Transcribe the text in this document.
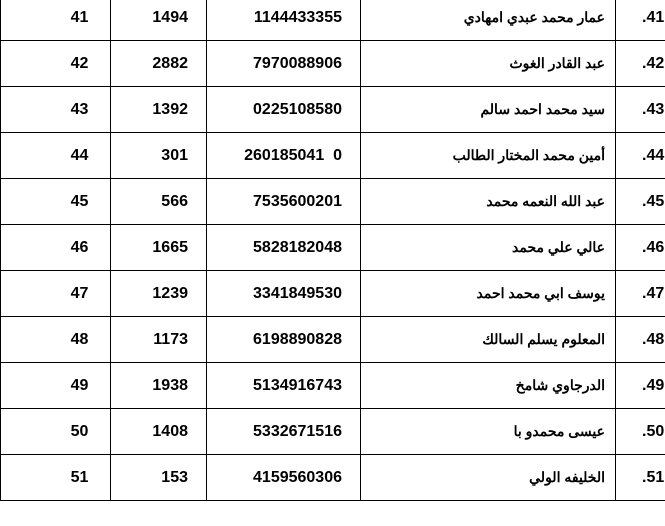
41	1494	1144433355	عمار محمد عبدي امهادي	.41
42	2882	7970088906	عبد القادر الغوث	.42
43	1392	0225108580	سيد محمد احمد سالم	.43
44	301	260185041  0	أمين محمد المختار الطالب	.44
45	566	7535600201	عبد الله النعمه محمد	.45
46	1665	5828182048	عالي علي محمد	.46
47	1239	3341849530	يوسف ابي محمد احمد	.47
48	1173	6198890828	المعلوم يسلم السالك	.48
49	1938	5134916743	الدرجاوي شامخ	.49
50	1408	5332671516	عيسى محمدو با	.50
51	153	4159560306	الخليفه الولي	.51
